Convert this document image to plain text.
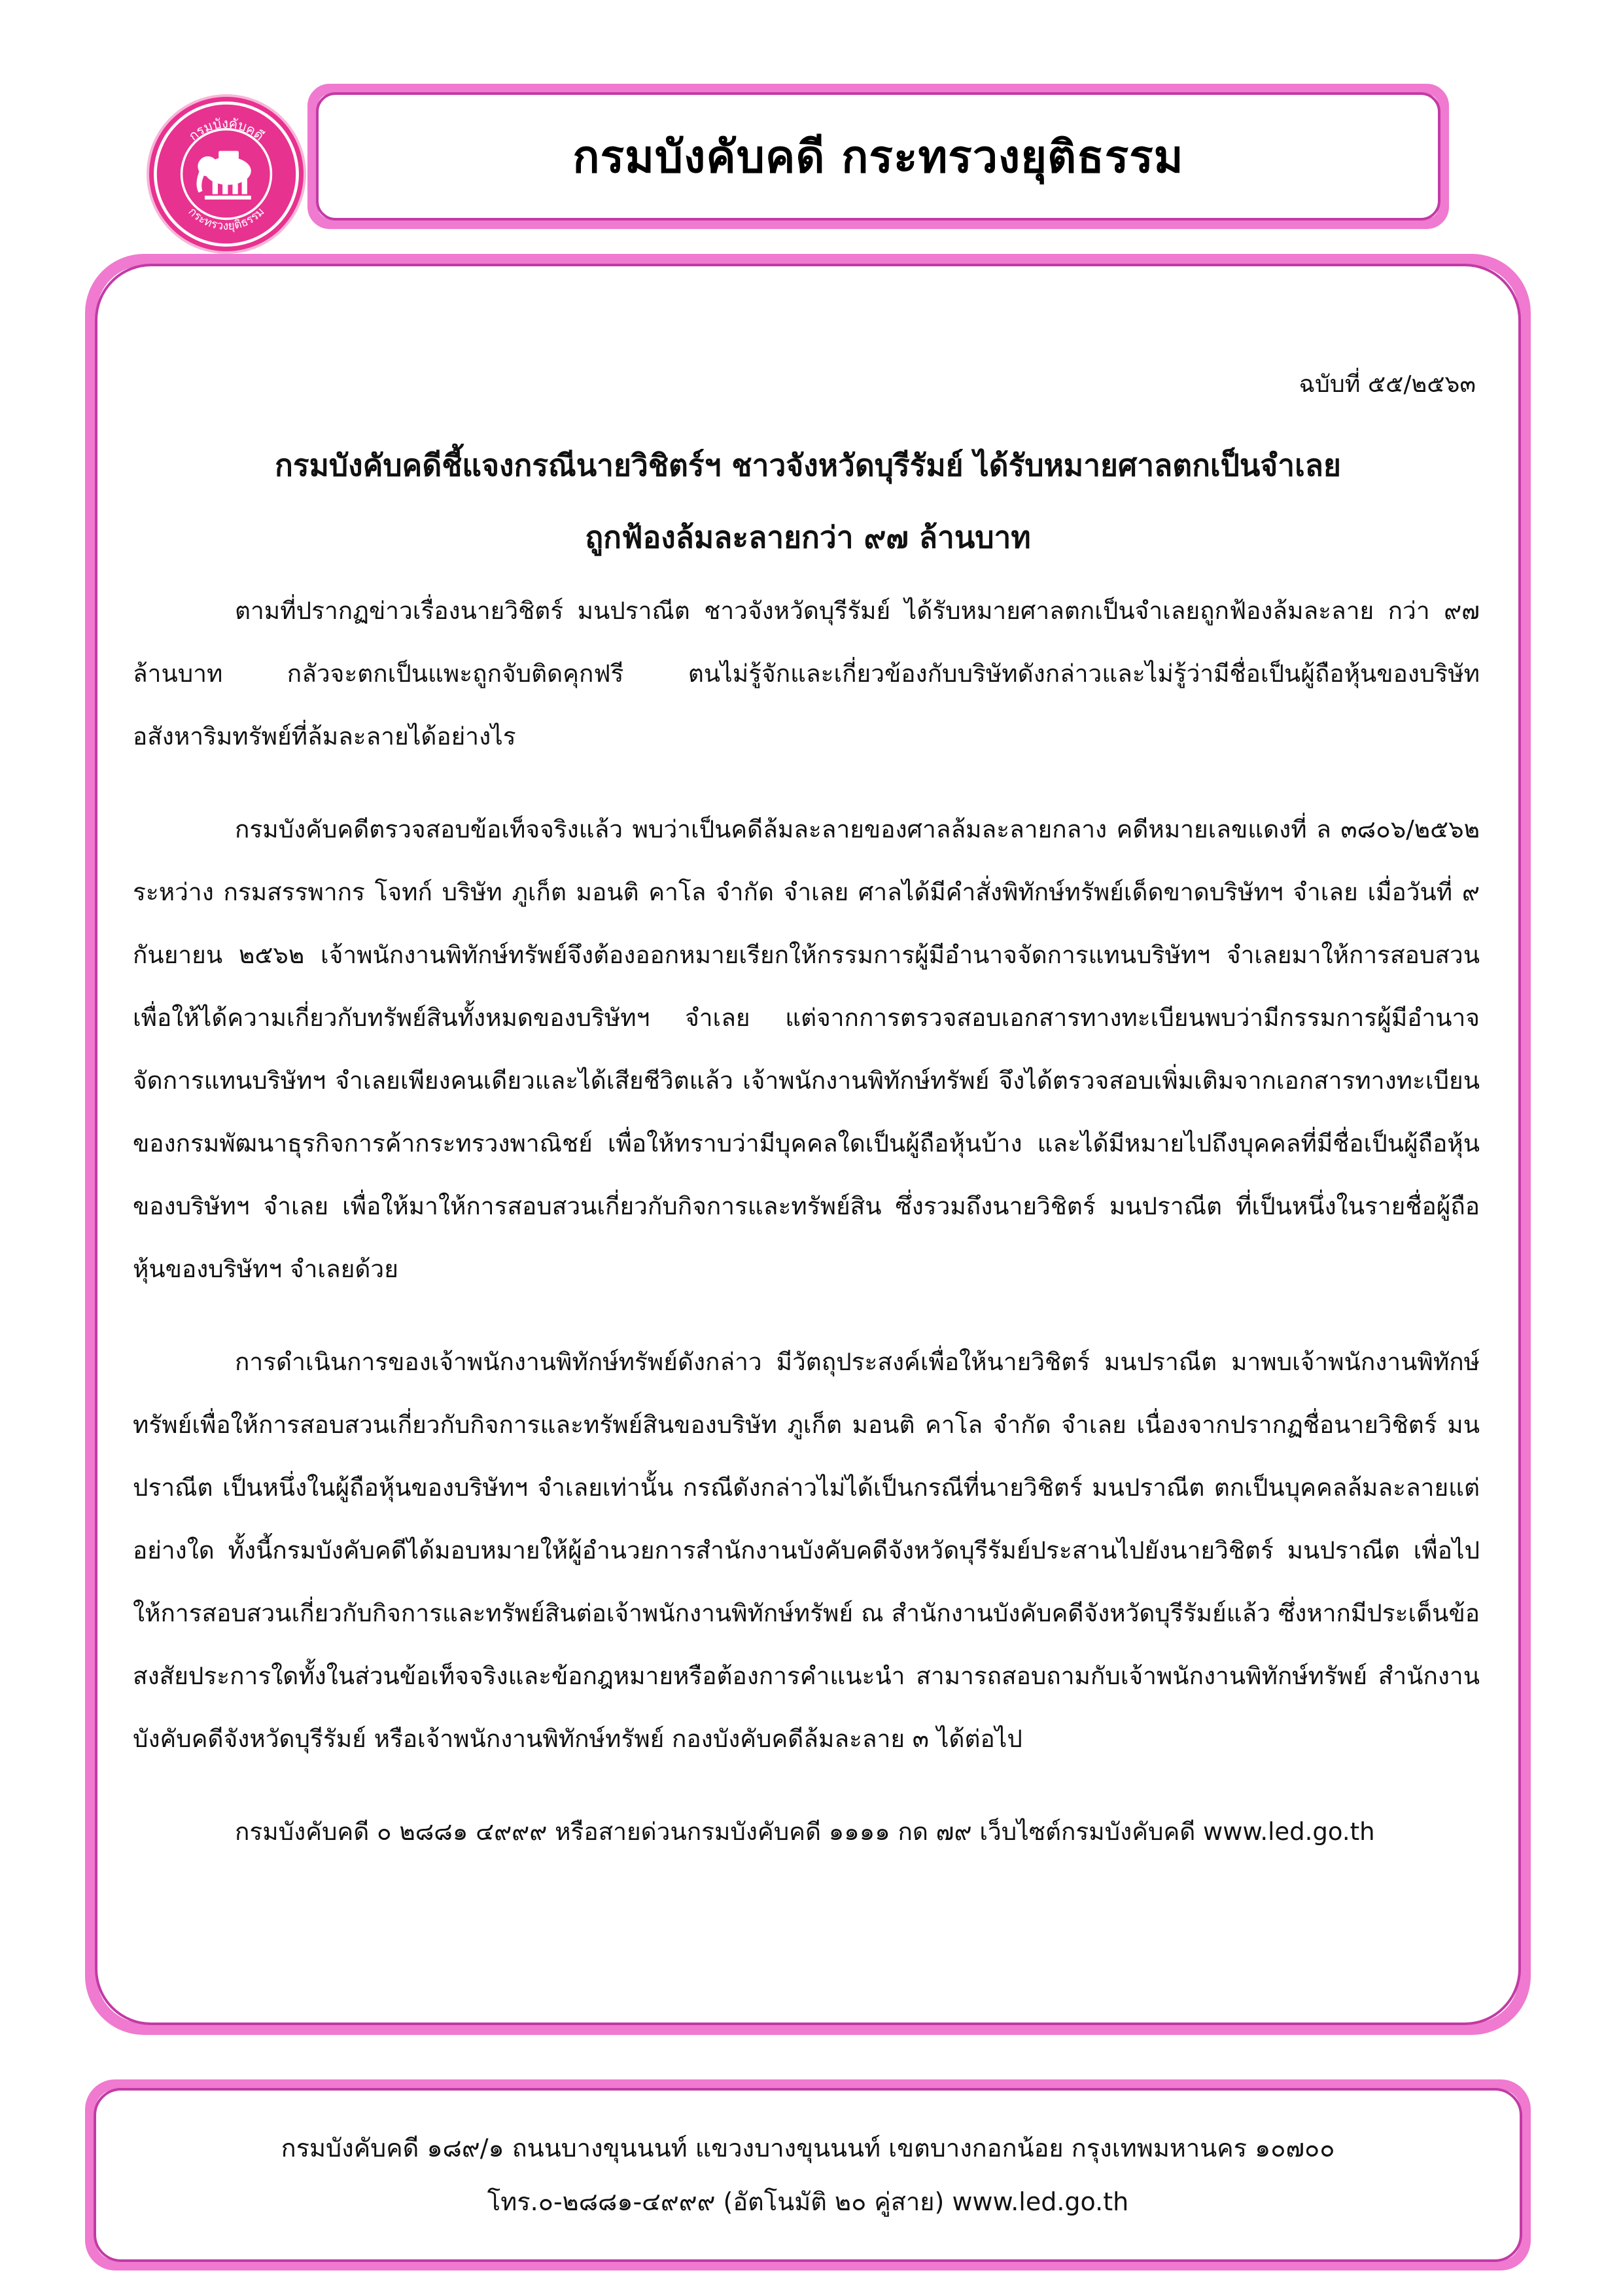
กรมบังคับคดี
กระทรวงยุติธรรม
กรมบังคับคดี กระทรวงยุติธรรม
ฉบับที่ ๕๕/๒๕๖๓
กรมบังคับคดีชี้แจงกรณีนายวิชิตร์ฯ ชาวจังหวัดบุรีรัมย์ ได้รับหมายศาลตกเป็นจำเลย
ถูกฟ้องล้มละลายกว่า ๙๗ ล้านบาท

ตามที่ปรากฏข่าวเรื่องนายวิชิตร์ มนปราณีต ชาวจังหวัดบุรีรัมย์ ได้รับหมายศาลตกเป็นจำเลยถูกฟ้องล้มละลาย กว่า ๙๗ ล้านบาท กลัวจะตกเป็นแพะถูกจับติดคุกฟรี ตนไม่รู้จักและเกี่ยวข้องกับบริษัทดังกล่าวและไม่รู้ว่ามีชื่อเป็นผู้ถือหุ้นของบริษัทอสังหาริมทรัพย์ที่ล้มละลายได้อย่างไร

กรมบังคับคดีตรวจสอบข้อเท็จจริงแล้ว พบว่าเป็นคดีล้มละลายของศาลล้มละลายกลาง คดีหมายเลขแดงที่ ล ๓๘๐๖/๒๕๖๒ ระหว่าง กรมสรรพากร โจทก์ บริษัท ภูเก็ต มอนติ คาโล จำกัด จำเลย ศาลได้มีคำสั่งพิทักษ์ทรัพย์เด็ดขาดบริษัทฯ จำเลย เมื่อวันที่ ๙ กันยายน ๒๕๖๒ เจ้าพนักงานพิทักษ์ทรัพย์จึงต้องออกหมายเรียกให้กรรมการผู้มีอำนาจจัดการแทนบริษัทฯ จำเลยมาให้การสอบสวนเพื่อให้ได้ความเกี่ยวกับทรัพย์สินทั้งหมดของบริษัทฯ จำเลย แต่จากการตรวจสอบเอกสารทางทะเบียนพบว่ามีกรรมการผู้มีอำนาจจัดการแทนบริษัทฯ จำเลยเพียงคนเดียวและได้เสียชีวิตแล้ว เจ้าพนักงานพิทักษ์ทรัพย์ จึงได้ตรวจสอบเพิ่มเติมจากเอกสารทางทะเบียนของกรมพัฒนาธุรกิจการค้ากระทรวงพาณิชย์ เพื่อให้ทราบว่ามีบุคคลใดเป็นผู้ถือหุ้นบ้าง และได้มีหมายไปถึงบุคคลที่มีชื่อเป็นผู้ถือหุ้นของบริษัทฯ จำเลย เพื่อให้มาให้การสอบสวนเกี่ยวกับกิจการและทรัพย์สิน ซึ่งรวมถึงนายวิชิตร์ มนปราณีต ที่เป็นหนึ่งในรายชื่อผู้ถือหุ้นของบริษัทฯ จำเลยด้วย

การดำเนินการของเจ้าพนักงานพิทักษ์ทรัพย์ดังกล่าว มีวัตถุประสงค์เพื่อให้นายวิชิตร์ มนปราณีต มาพบเจ้าพนักงานพิทักษ์ทรัพย์เพื่อให้การสอบสวนเกี่ยวกับกิจการและทรัพย์สินของบริษัท ภูเก็ต มอนติ คาโล จำกัด จำเลย เนื่องจากปรากฏชื่อนายวิชิตร์ มนปราณีต เป็นหนึ่งในผู้ถือหุ้นของบริษัทฯ จำเลยเท่านั้น กรณีดังกล่าวไม่ได้เป็นกรณีที่นายวิชิตร์ มนปราณีต ตกเป็นบุคคลล้มละลายแต่อย่างใด ทั้งนี้กรมบังคับคดีได้มอบหมายให้ผู้อำนวยการสำนักงานบังคับคดีจังหวัดบุรีรัมย์ประสานไปยังนายวิชิตร์ มนปราณีต เพื่อไปให้การสอบสวนเกี่ยวกับกิจการและทรัพย์สินต่อเจ้าพนักงานพิทักษ์ทรัพย์ ณ สำนักงานบังคับคดีจังหวัดบุรีรัมย์แล้ว ซึ่งหากมีประเด็นข้อสงสัยประการใดทั้งในส่วนข้อเท็จจริงและข้อกฎหมายหรือต้องการคำแนะนำ สามารถสอบถามกับเจ้าพนักงานพิทักษ์ทรัพย์ สำนักงานบังคับคดีจังหวัดบุรีรัมย์ หรือเจ้าพนักงานพิทักษ์ทรัพย์ กองบังคับคดีล้มละลาย ๓ ได้ต่อไป

กรมบังคับคดี ๐ ๒๘๘๑ ๔๙๙๙ หรือสายด่วนกรมบังคับคดี ๑๑๑๑ กด ๗๙ เว็บไซต์กรมบังคับคดี www.led.go.th

กรมบังคับคดี ๑๘๙/๑ ถนนบางขุนนนท์ แขวงบางขุนนนท์ เขตบางกอกน้อย กรุงเทพมหานคร ๑๐๗๐๐
โทร.๐-๒๘๘๑-๔๙๙๙ (อัตโนมัติ ๒๐ คู่สาย) www.led.go.th
